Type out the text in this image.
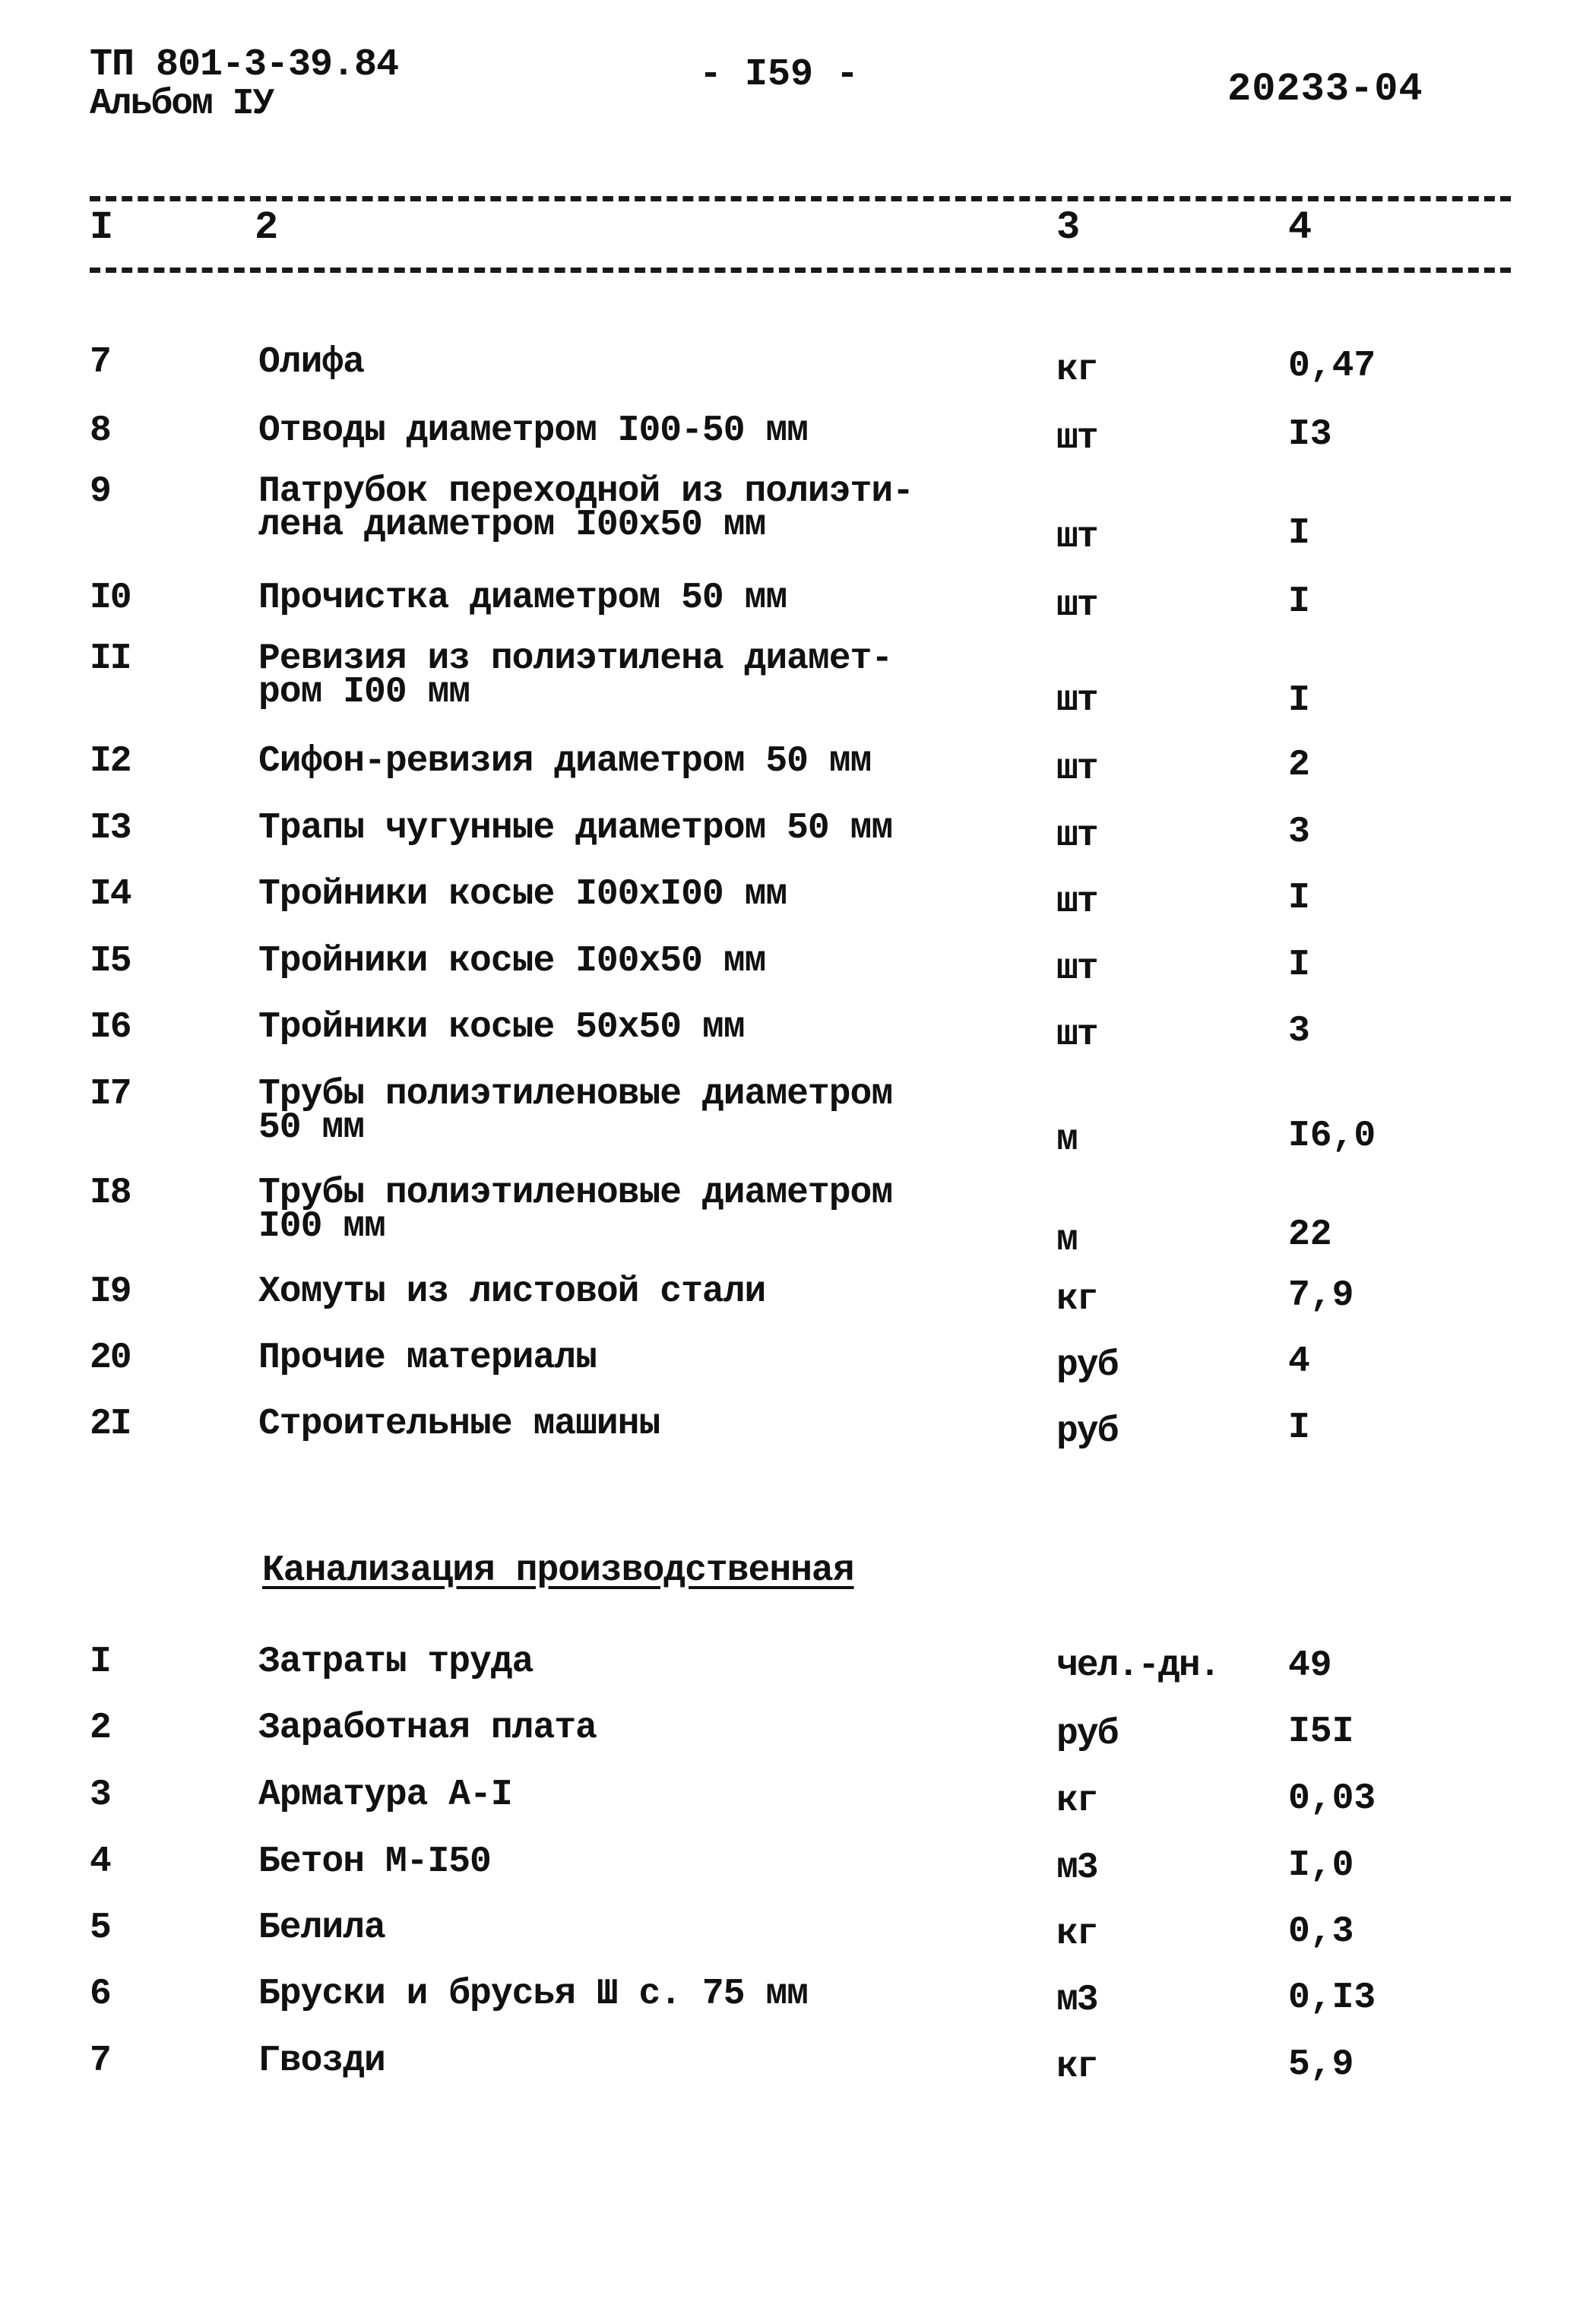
ТП 801-3-39.84
Альбом IУ
- I59 -	20233-04
I	2	3	4
7	Олифа	кг	0,47
8	Отводы диаметром I00-50 мм	шт	I3
9	Патрубок переходной из полиэти-
лена диаметром I00х50 мм	шт	I
I0	Прочистка диаметром 50 мм	шт	I
II	Ревизия из полиэтилена диамет-
ром I00 мм	шт	I
I2	Сифон-ревизия диаметром 50 мм	шт	2
I3	Трапы чугунные диаметром 50 мм	шт	3
I4	Тройники косые I00хI00 мм	шт	I
I5	Тройники косые I00х50 мм	шт	I
I6	Тройники косые 50х50 мм	шт	3
I7	Трубы полиэтиленовые диаметром
50 мм	м	I6,0
I8	Трубы полиэтиленовые диаметром
I00 мм	м	22
I9	Хомуты из листовой стали	кг	7,9
20	Прочие материалы	руб	4
2I	Строительные машины	руб	I
Канализация производственная
I	Затраты труда	чел.-дн. 49
2	Заработная плата	руб	I5I
3	Арматура А-I	кг	0,03
4	Бетон М-I50	м3	I,0
5	Белила	кг	0,3
6	Бруски и брусья Ш с. 75 мм	м3	0,I3
7	Гвозди	кг	5,9
